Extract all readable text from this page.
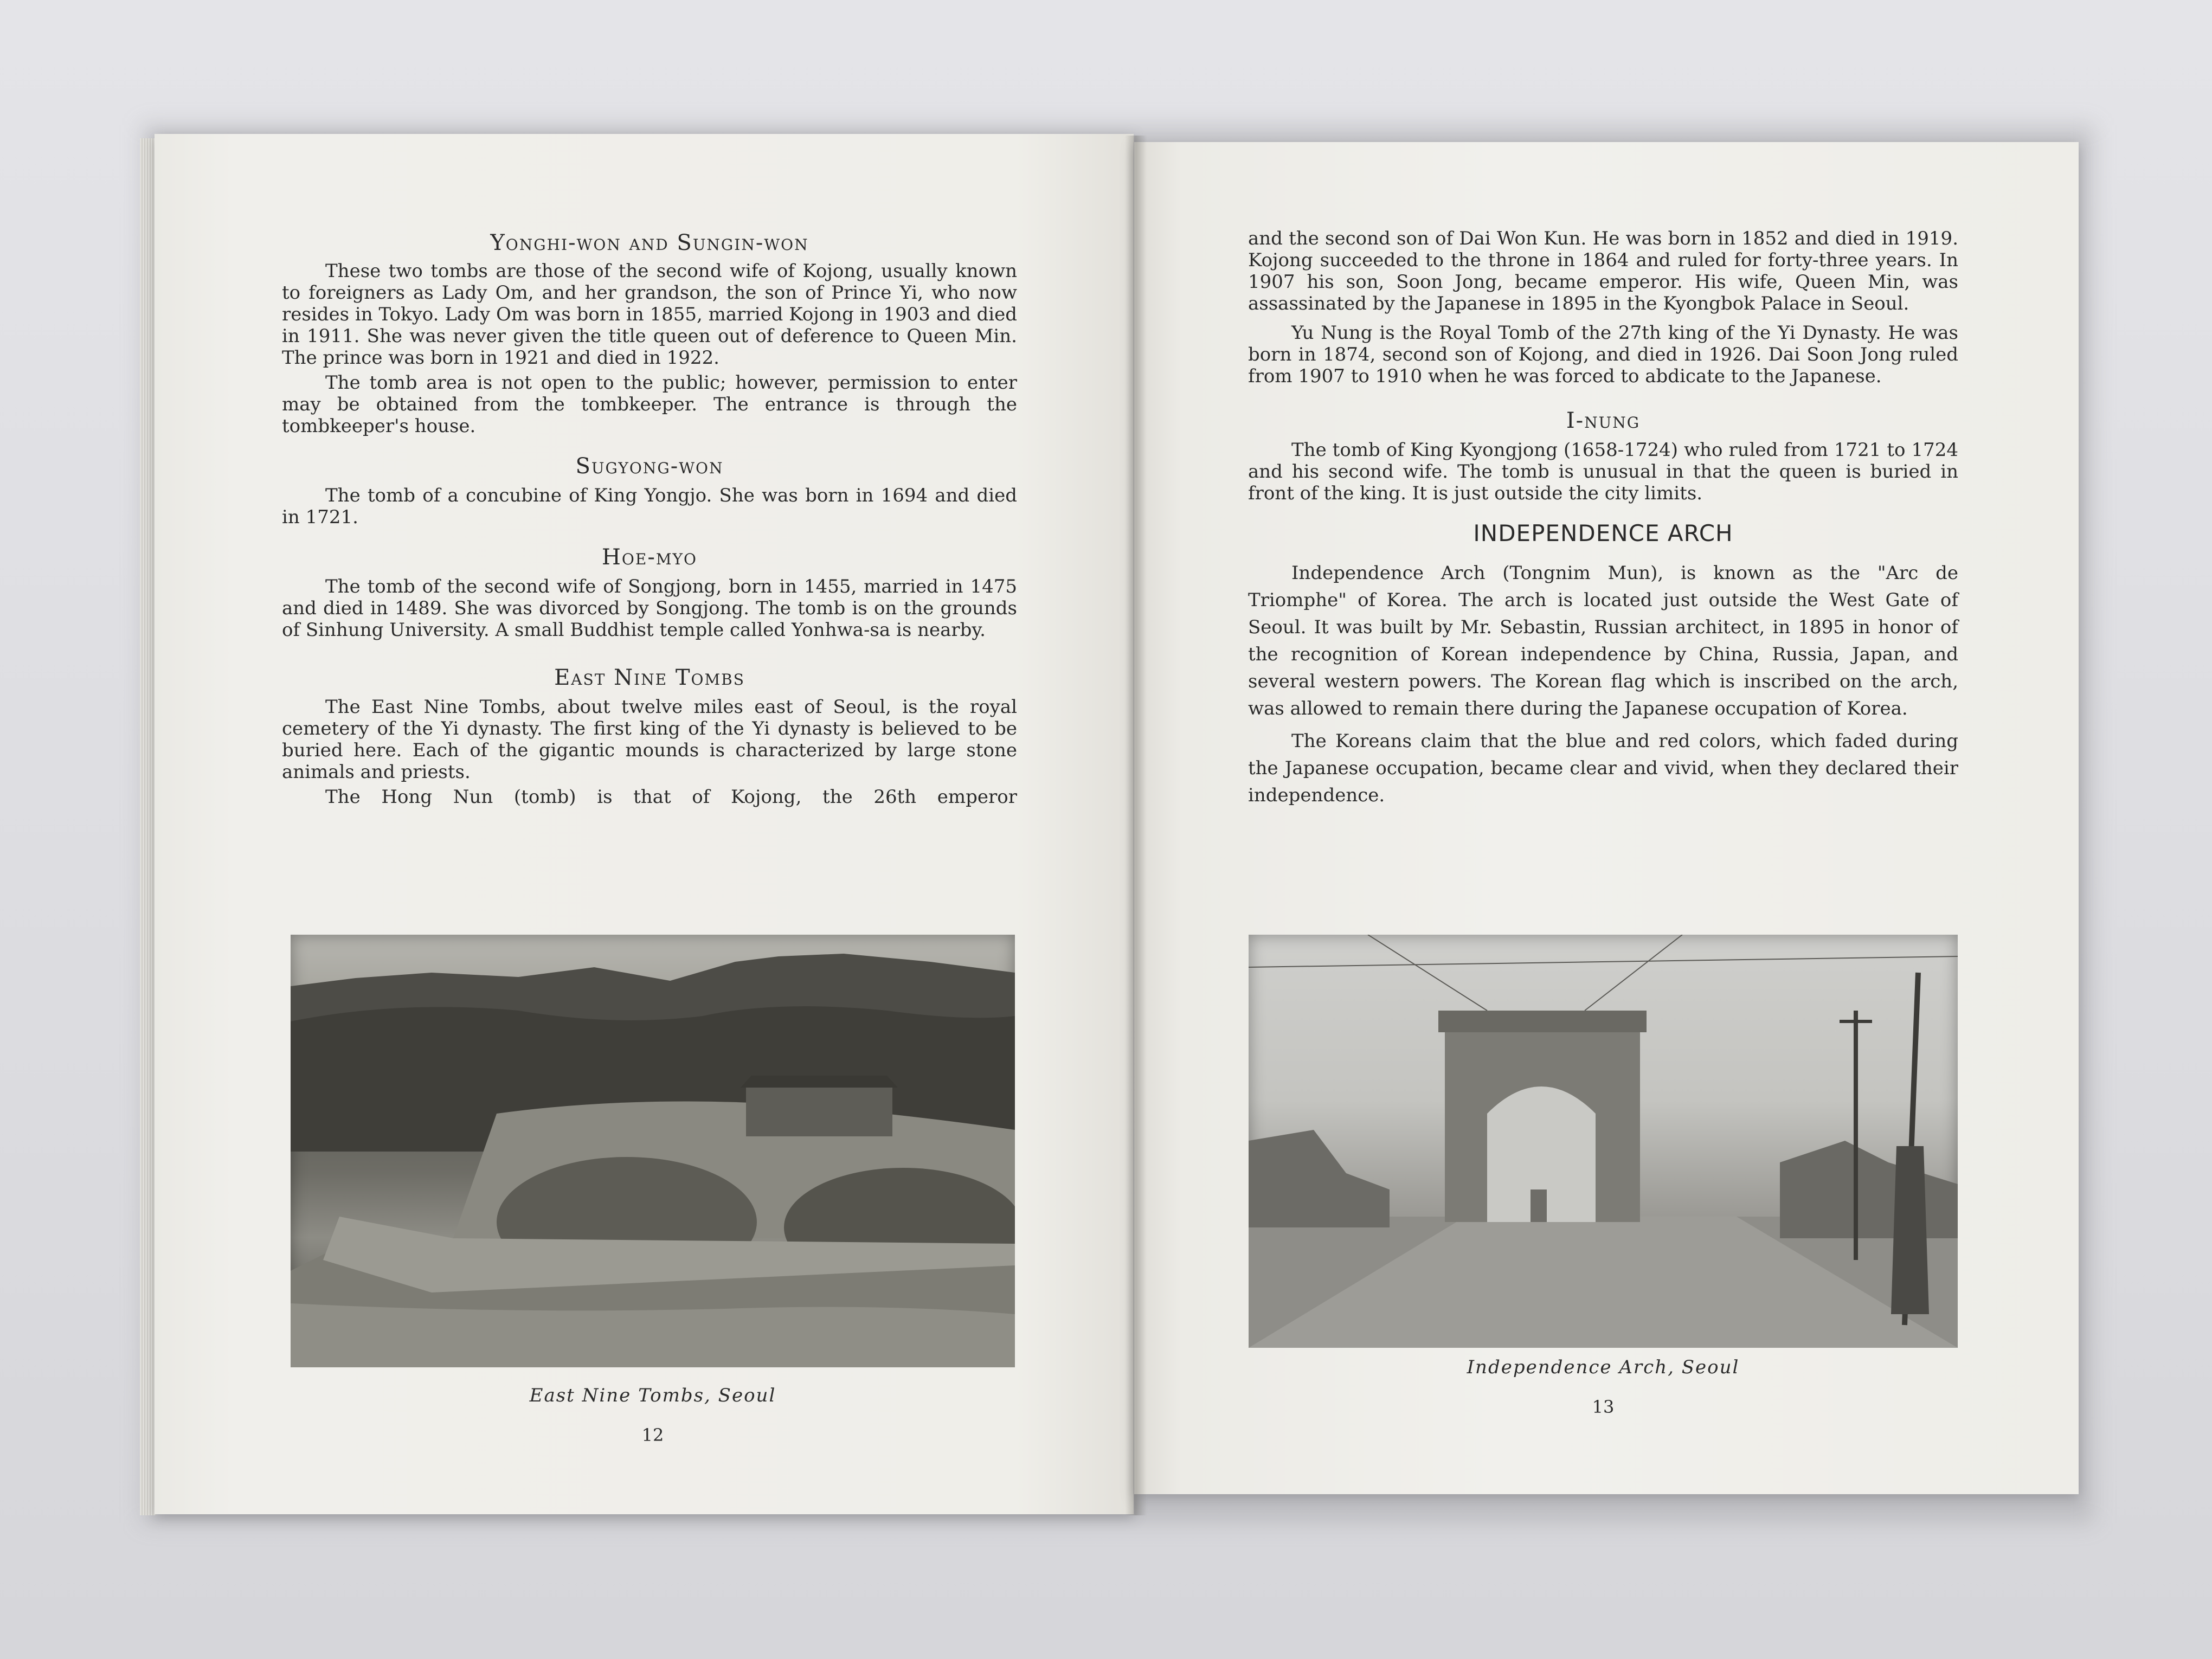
Yonghi-won and Sungin-won

These two tombs are those of the second wife of Kojong, usually known to foreigners as Lady Om, and her grandson, the son of Prince Yi, who now resides in Tokyo. Lady Om was born in 1855, married Kojong in 1903 and died in 1911. She was never given the title queen out of deference to Queen Min. The prince was born in 1921 and died in 1922.

The tomb area is not open to the public; however, permission to enter may be obtained from the tombkeeper. The entrance is through the tombkeeper's house.

Sugyong-won

The tomb of a concubine of King Yongjo. She was born in 1694 and died in 1721.

Hoe-myo

The tomb of the second wife of Songjong, born in 1455, married in 1475 and died in 1489. She was divorced by Songjong. The tomb is on the grounds of Sinhung University. A small Buddhist temple called Yonhwa-sa is nearby.

East Nine Tombs

The East Nine Tombs, about twelve miles east of Seoul, is the royal cemetery of the Yi dynasty. The first king of the Yi dynasty is believed to be buried here. Each of the gigantic mounds is characterized by large stone animals and priests.

The Hong Nun (tomb) is that of Kojong, the 26th emperor

East Nine Tombs, Seoul
12

and the second son of Dai Won Kun. He was born in 1852 and died in 1919. Kojong succeeded to the throne in 1864 and ruled for forty-three years. In 1907 his son, Soon Jong, became emperor. His wife, Queen Min, was assassinated by the Japanese in 1895 in the Kyongbok Palace in Seoul.

Yu Nung is the Royal Tomb of the 27th king of the Yi Dynasty. He was born in 1874, second son of Kojong, and died in 1926. Dai Soon Jong ruled from 1907 to 1910 when he was forced to abdicate to the Japanese.

I-nung

The tomb of King Kyongjong (1658-1724) who ruled from 1721 to 1724 and his second wife. The tomb is unusual in that the queen is buried in front of the king. It is just outside the city limits.

INDEPENDENCE ARCH

Independence Arch (Tongnim Mun), is known as the "Arc de Triomphe" of Korea. The arch is located just outside the West Gate of Seoul. It was built by Mr. Sebastin, Russian architect, in 1895 in honor of the recognition of Korean independence by China, Russia, Japan, and several western powers. The Korean flag which is inscribed on the arch, was allowed to remain there during the Japanese occupation of Korea.

The Koreans claim that the blue and red colors, which faded during the Japanese occupation, became clear and vivid, when they declared their independence.

Independence Arch, Seoul
13
